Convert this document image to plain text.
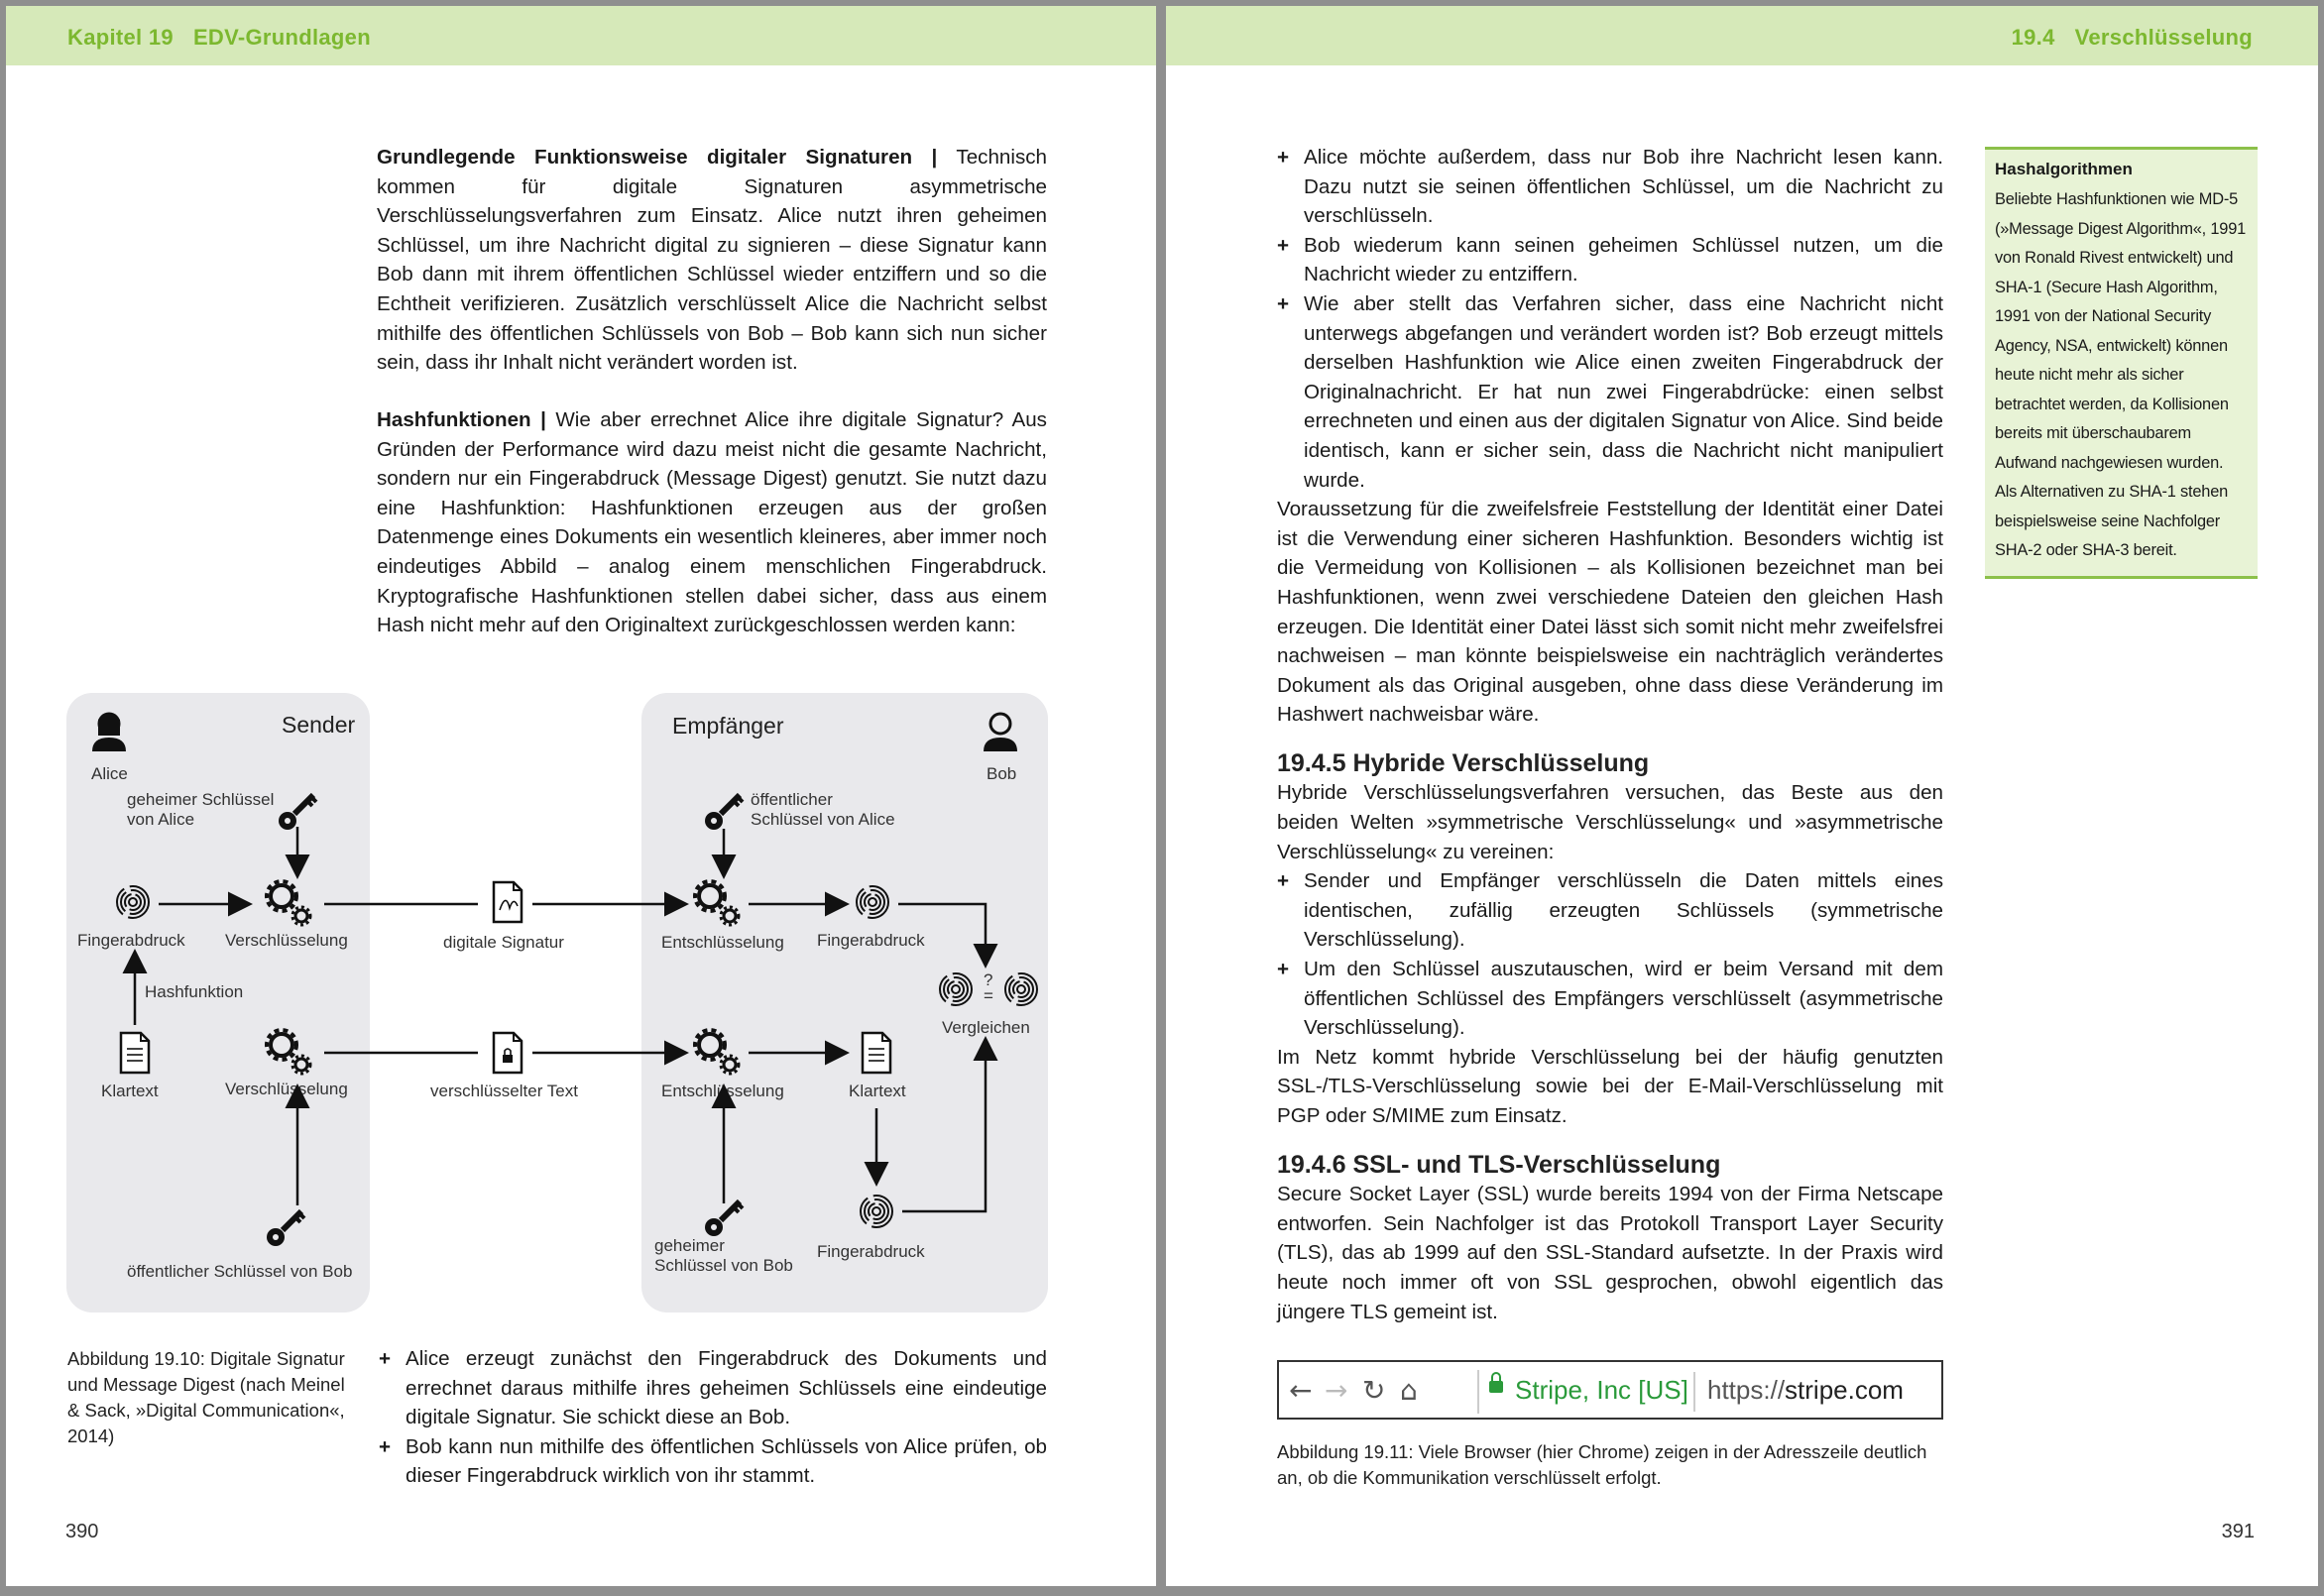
Kapitel 19 EDV-Grundlagen

Grundlegende Funktionsweise digitaler Signaturen | Technisch kommen für digitale Signaturen asymmetrische Verschlüsselungsverfahren zum Einsatz. Alice nutzt ihren geheimen Schlüssel, um ihre Nachricht digital zu signieren – diese Signatur kann Bob dann mit ihrem öffentlichen Schlüssel wieder entziffern und so die Echtheit verifizieren. Zusätzlich verschlüsselt Alice die Nachricht selbst mithilfe des öffentlichen Schlüssels von Bob – Bob kann sich nun sicher sein, dass ihr Inhalt nicht verändert worden ist.

Hashfunktionen | Wie aber errechnet Alice ihre digitale Signatur? Aus Gründen der Performance wird dazu meist nicht die gesamte Nachricht, sondern nur ein Fingerabdruck (Message Digest) genutzt. Sie nutzt dazu eine Hashfunktion: Hashfunktionen erzeugen aus der großen Datenmenge eines Dokuments ein wesentlich kleineres, aber immer noch eindeutiges Abbild – analog einem menschlichen Fingerabdruck. Kryptografische Hashfunktionen stellen dabei sicher, dass aus einem Hash nicht mehr auf den Originaltext zurückgeschlossen werden kann:

Sender	Empfänger
Alice	Bob
geheimer Schlüssel
von Alice
öffentlicher
Schlüssel von Alice
öffentlicher Schlüssel von Bob
geheimer
Schlüssel von Bob
Fingerabdruck Verschlüsselung	digitale Signatur	Entschlüsselung Fingerabdruck
?
=
Vergleichen
Hashfunktion
Klartext	Verschlüsselung	verschlüsselter Text	Entschlüsselung	Klartext
Fingerabdruck
Abbildung 19.10: Digitale Signatur und Message Digest (nach Meinel & Sack, »Digital Communication«, 2014)
+ Alice erzeugt zunächst den Fingerabdruck des Dokuments und errechnet daraus mithilfe ihres geheimen Schlüssels eine eindeutige digitale Signatur. Sie schickt diese an Bob.
+ Bob kann nun mithilfe des öffentlichen Schlüssels von Alice prüfen, ob dieser Fingerabdruck wirklich von ihr stammt.
390
19.4 Verschlüsselung
+ Alice möchte außerdem, dass nur Bob ihre Nachricht lesen kann. Dazu nutzt sie seinen öffentlichen Schlüssel, um die Nachricht zu verschlüsseln.
+ Bob wiederum kann seinen geheimen Schlüssel nutzen, um die Nachricht wieder zu entziffern.
+ Wie aber stellt das Verfahren sicher, dass eine Nachricht nicht unterwegs abgefangen und verändert worden ist? Bob erzeugt mittels derselben Hashfunktion wie Alice einen zweiten Fingerabdruck der Originalnachricht. Er hat nun zwei Fingerabdrücke: einen selbst errechneten und einen aus der digitalen Signatur von Alice. Sind beide identisch, kann er sicher sein, dass die Nachricht nicht manipuliert wurde.

Voraussetzung für die zweifelsfreie Feststellung der Identität einer Datei ist die Verwendung einer sicheren Hashfunktion. Besonders wichtig ist die Vermeidung von Kollisionen – als Kollisionen bezeichnet man bei Hashfunktionen, wenn zwei verschiedene Dateien den gleichen Hash erzeugen. Die Identität einer Datei lässt sich somit nicht mehr zweifelsfrei nachweisen – man könnte beispielsweise ein nachträglich verändertes Dokument als das Original ausgeben, ohne dass diese Veränderung im Hashwert nachweisbar wäre.

19.4.5 Hybride Verschlüsselung

Hybride Verschlüsselungsverfahren versuchen, das Beste aus den beiden Welten »symmetrische Verschlüsselung« und »asymmetrische Verschlüsselung« zu vereinen:

+ Sender und Empfänger verschlüsseln die Daten mittels eines identischen, zufällig erzeugten Schlüssels (symmetrische Verschlüsselung).
+ Um den Schlüssel auszutauschen, wird er beim Versand mit dem öffentlichen Schlüssel des Empfängers verschlüsselt (asymmetrische Verschlüsselung).

Im Netz kommt hybride Verschlüsselung bei der häufig genutzten SSL-/TLS-Verschlüsselung sowie bei der E-Mail-Verschlüsselung mit PGP oder S/MIME zum Einsatz.

19.4.6 SSL- und TLS-Verschlüsselung

Secure Socket Layer (SSL) wurde bereits 1994 von der Firma Netscape entworfen. Sein Nachfolger ist das Protokoll Transport Layer Security (TLS), das ab 1999 auf den SSL-Standard aufsetzte. In der Praxis wird heute noch immer oft von SSL gesprochen, obwohl eigentlich das jüngere TLS gemeint ist.

← → ↻ ⌂	Stripe, Inc [US] https://stripe.com
Abbildung 19.11: Viele Browser (hier Chrome) zeigen in der Adresszeile deutlich an, ob die Kommunikation verschlüsselt erfolgt.
Hashalgorithmen
Beliebte Hashfunktionen wie MD-5 (»Message Digest Algorithm«, 1991 von Ronald Rivest entwickelt) und SHA-1 (Secure Hash Algorithm, 1991 von der National Security Agency, NSA, entwickelt) können heute nicht mehr als sicher betrachtet werden, da Kollisionen bereits mit überschaubarem Aufwand nachgewiesen wurden. Als Alternativen zu SHA-1 stehen beispielsweise seine Nachfolger SHA-2 oder SHA-3 bereit.
391
